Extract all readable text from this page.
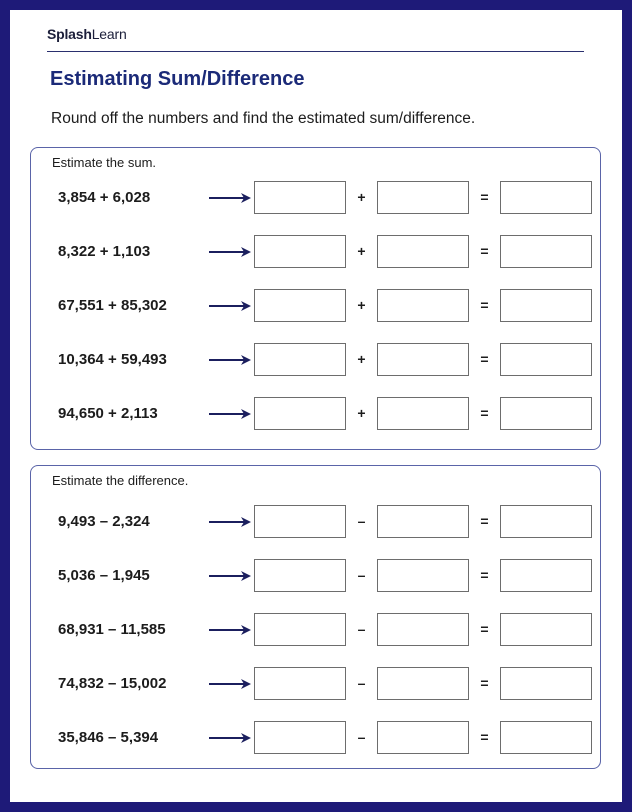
SplashLearn
Estimating Sum/Difference
Round off the numbers and find the estimated sum/difference.
Estimate the sum.
3,854 + 6,028	+	=
8,322 + 1,103	+	=
67,551 + 85,302	+	=
10,364 + 59,493	+	=
94,650 + 2,113	+	=
Estimate the difference.
9,493 – 2,324	–	=
5,036 – 1,945	–	=
68,931 – 11,585	–	=
74,832 – 15,002	–	=
35,846 – 5,394	–	=
